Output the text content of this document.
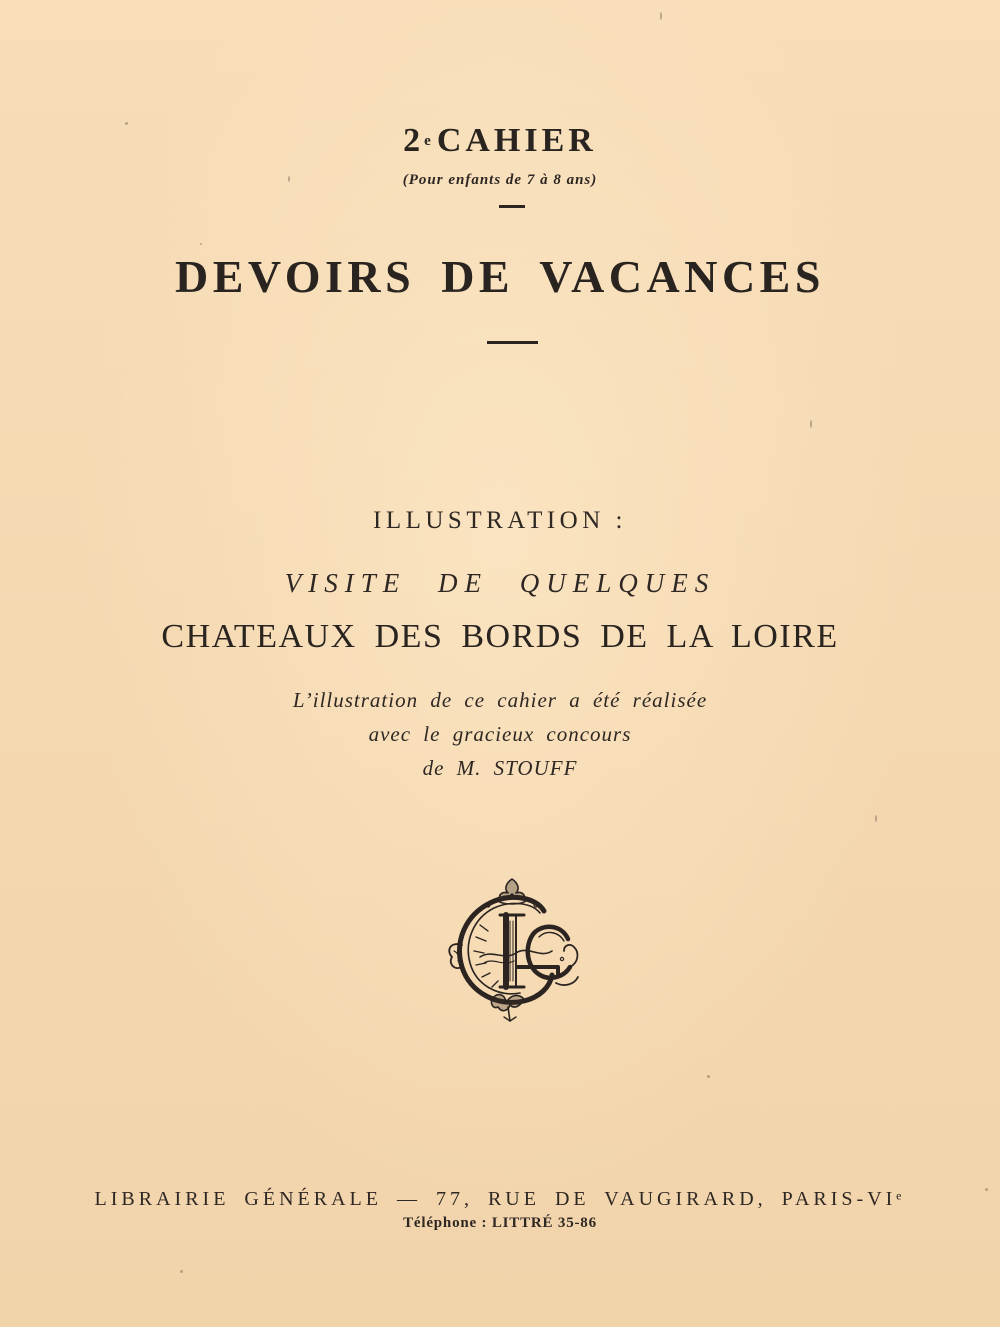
2e CAHIER
(Pour enfants de 7 à 8 ans)
DEVOIRS DE VACANCES
ILLUSTRATION :
VISITE DE QUELQUES
CHATEAUX DES BORDS DE LA LOIRE
L’illustration de ce cahier a été réalisée
avec le gracieux concours
de M. STOUFF
LIBRAIRIE GÉNÉRALE — 77, RUE DE VAUGIRARD, PARIS-VIᵉ
Téléphone : LITTRÉ 35-86
